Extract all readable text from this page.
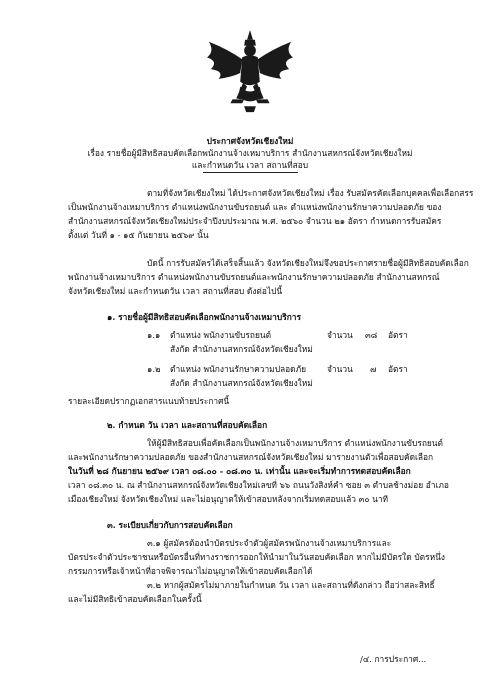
ประกาศจังหวัดเชียงใหม่
เรื่อง รายชื่อผู้มีสิทธิสอบคัดเลือกพนักงานจ้างเหมาบริการ สำนักงานสหกรณ์จังหวัดเชียงใหม่
และกำหนดวัน เวลา สถานที่สอบ
ตามที่จังหวัดเชียงใหม่ ได้ประกาศจังหวัดเชียงใหม่ เรื่อง รับสมัครคัดเลือกบุคคลเพื่อเลือกสรร
เป็นพนักงานจ้างเหมาบริการ ตำแหน่งพนักงานขับรถยนต์ และ ตำแหน่งพนักงานรักษาความปลอดภัย ของ
สำนักงานสหกรณ์จังหวัดเชียงใหม่ประจำปีงบประมาณ พ.ศ. ๒๕๖๐ จำนวน ๒๑ อัตรา กำหนดการรับสมัคร
ตั้งแต่ วันที่ ๑ - ๑๕ กันยายน ๒๕๖๙ นั้น
บัดนี้ การรับสมัครได้เสร็จสิ้นแล้ว จังหวัดเชียงใหม่จึงขอประกาศรายชื่อผู้มีสิทธิสอบคัดเลือก
พนักงานจ้างเหมาบริการ ตำแหน่งพนักงานขับรถยนต์และพนักงานรักษาความปลอดภัย สำนักงานสหกรณ์
จังหวัดเชียงใหม่ และกำหนดวัน เวลา สถานที่สอบ ดังต่อไปนี้
๑. รายชื่อผู้มีสิทธิสอบคัดเลือกพนักงานจ้างเหมาบริการ
๑.๑ ตำแหน่ง พนักงานขับรถยนต์	จำนวน ๓๘ อัตรา
สังกัด สำนักงานสหกรณ์จังหวัดเชียงใหม่
๑.๒ ตำแหน่ง พนักงานรักษาความปลอดภัย จำนวน ๗ อัตรา
สังกัด สำนักงานสหกรณ์จังหวัดเชียงใหม่
รายละเอียดปรากฏเอกสารแนบท้ายประกาศนี้
๒. กำหนด วัน เวลา และสถานที่สอบคัดเลือก
ให้ผู้มีสิทธิสอบเพื่อคัดเลือกเป็นพนักงานจ้างเหมาบริการ ตำแหน่งพนักงานขับรถยนต์
และพนักงานรักษาความปลอดภัย ของสำนักงานสหกรณ์จังหวัดเชียงใหม่ มารายงานตัวเพื่อสอบคัดเลือก
ในวันที่ ๒๘ กันยายน ๒๕๖๙ เวลา ๐๘.๐๐ - ๐๘.๓๐ น. เท่านั้น และจะเริ่มทำการทดสอบคัดเลือก
เวลา ๐๘.๓๐ น. ณ สำนักงานสหกรณ์จังหวัดเชียงใหม่เลขที่ ๖๖ ถนนวังสิงห์คำ ซอย ๓ ตำบลช้างม่อย อำเภอ
เมืองเชียงใหม่ จังหวัดเชียงใหม่ และไม่อนุญาตให้เข้าสอบหลังจากเริ่มทดสอบแล้ว ๓๐ นาที
๓. ระเบียบเกี่ยวกับการสอบคัดเลือก
๓.๑ ผู้สมัครต้องนำบัตรประจำตัวผู้สมัครพนักงานจ้างเหมาบริการและ
บัตรประจำตัวประชาชนหรือบัตรอื่นที่ทางราชการออกให้นำมาในวันสอบคัดเลือก หากไม่มีบัตรใด บัตรหนึ่ง
กรรมการหรือเจ้าหน้าที่อาจพิจารณาไม่อนุญาตให้เข้าสอบคัดเลือกได้
๓.๒ หากผู้สมัครไม่มาภายในกำหนด วัน เวลา และสถานที่ดังกล่าว ถือว่าสละสิทธิ์
และไม่มีสิทธิเข้าสอบคัดเลือกในครั้งนี้
/๔. การประกาศ...
